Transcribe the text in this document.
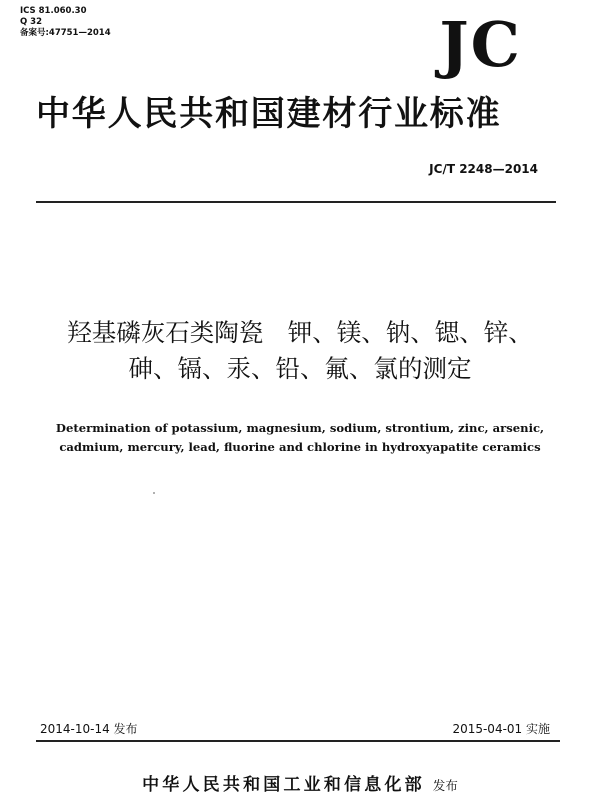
ICS 81.060.30
Q 32
备案号:47751—2014	JC
中华人民共和国建材行业标准
JC/T 2248—2014
羟基磷灰石类陶瓷　钾、镁、钠、锶、锌、
砷、镉、汞、铅、氟、氯的测定
Determination of potassium, magnesium, sodium, strontium, zinc, arsenic,
cadmium, mercury, lead, fluorine and chlorine in hydroxyapatite ceramics
2014-10-14 发布	2015-04-01 实施
中华人民共和国工业和信息化部 发布
